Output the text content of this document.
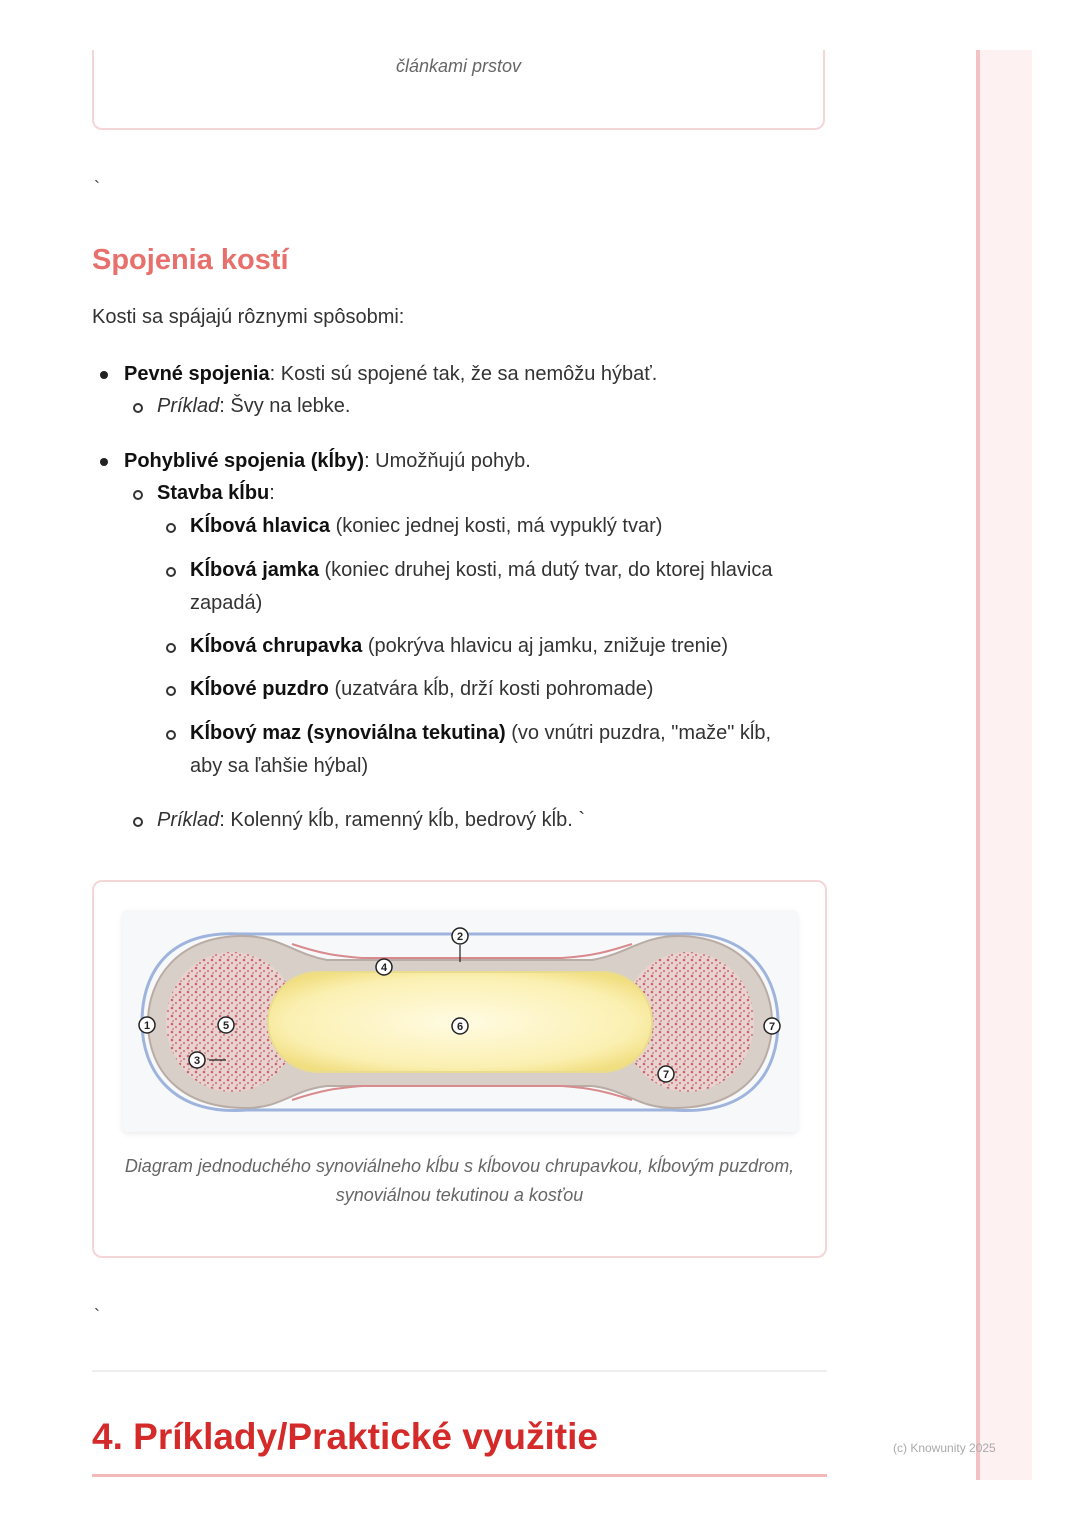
článkami prstov
`
Spojenia kostí
Kosti sa spájajú rôznymi spôsobmi:
Pevné spojenia: Kosti sú spojené tak, že sa nemôžu hýbať.
Príklad: Švy na lebke.
Pohyblivé spojenia (kĺby): Umožňujú pohyb.
Stavba kĺbu:
Kĺbová hlavica (koniec jednej kosti, má vypuklý tvar)
Kĺbová jamka (koniec druhej kosti, má dutý tvar, do ktorej hlavica
zapadá)
Kĺbová chrupavka (pokrýva hlavicu aj jamku, znižuje trenie)
Kĺbové puzdro (uzatvára kĺb, drží kosti pohromade)
Kĺbový maz (synoviálna tekutina) (vo vnútri puzdra, "maže" kĺb,
aby sa ľahšie hýbal)
Príklad: Kolenný kĺb, ramenný kĺb, bedrový kĺb. `
1
2
3
4
5	6	7
7
Diagram jednoduchého synoviálneho kĺbu s kĺbovou chrupavkou, kĺbovým puzdrom, synoviálnou tekutinou a kosťou
`
4. Príklady/Praktické využitie	(c) Knowunity 2025
